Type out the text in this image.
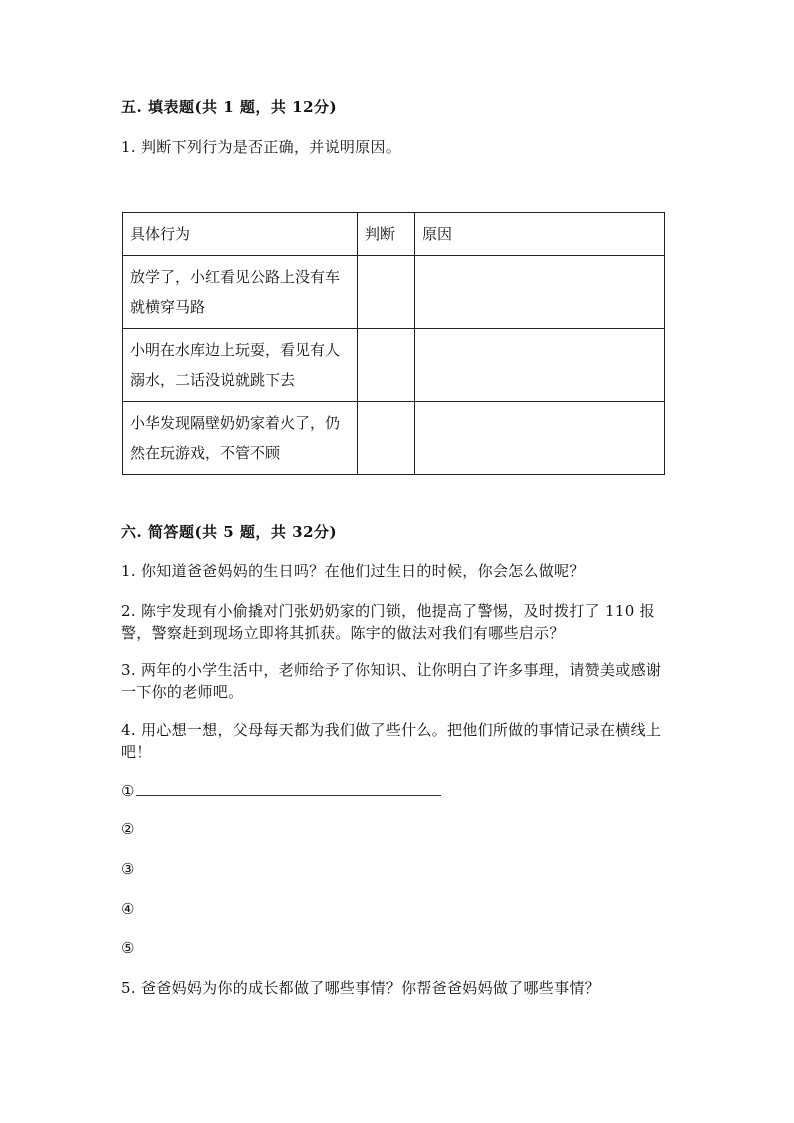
五. 填表题(共 1 题，共 12分)
1. 判断下列行为是否正确，并说明原因。
具体行为	判断	原因
放学了，小红看见公路上没有车就横穿马路		
小明在水库边上玩耍，看见有人溺水，二话没说就跳下去		
小华发现隔壁奶奶家着火了，仍然在玩游戏，不管不顾		
六. 简答题(共 5 题，共 32分)
1. 你知道爸爸妈妈的生日吗？在他们过生日的时候，你会怎么做呢？
2. 陈宇发现有小偷撬对门张奶奶家的门锁，他提高了警惕，及时拨打了 110 报警，警察赶到现场立即将其抓获。陈宇的做法对我们有哪些启示？
3. 两年的小学生活中，老师给予了你知识、让你明白了许多事理，请赞美或感谢一下你的老师吧。
4. 用心想一想，父母每天都为我们做了些什么。把他们所做的事情记录在横线上吧！
①
②
③
④
⑤
5. 爸爸妈妈为你的成长都做了哪些事情？你帮爸爸妈妈做了哪些事情？
